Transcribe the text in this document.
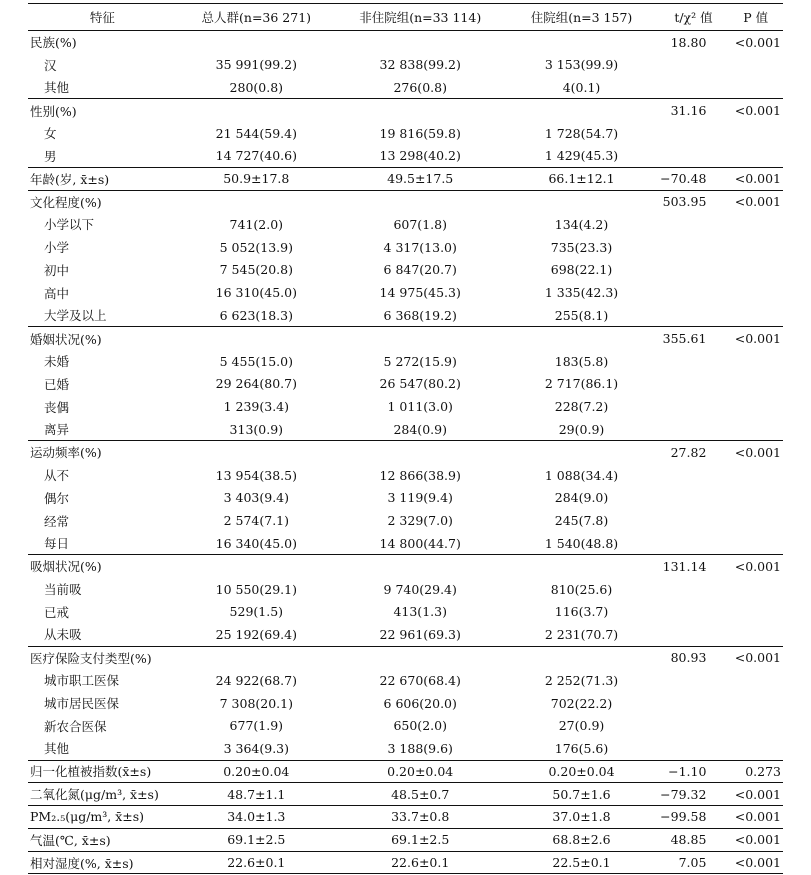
特征	总人群(n=36 271)	非住院组(n=33 114)	住院组(n=3 157)	t/χ² 值	P 值
民族(%)				18.80	<0.001
汉	35 991(99.2)	32 838(99.2)	3 153(99.9)		
其他	280(0.8)	276(0.8)	4(0.1)		
性别(%)				31.16	<0.001
女	21 544(59.4)	19 816(59.8)	1 728(54.7)		
男	14 727(40.6)	13 298(40.2)	1 429(45.3)		
年龄(岁, x̄±s)	50.9±17.8	49.5±17.5	66.1±12.1	−70.48	<0.001
文化程度(%)				503.95	<0.001
小学以下	741(2.0)	607(1.8)	134(4.2)		
小学	5 052(13.9)	4 317(13.0)	735(23.3)		
初中	7 545(20.8)	6 847(20.7)	698(22.1)		
高中	16 310(45.0)	14 975(45.3)	1 335(42.3)		
大学及以上	6 623(18.3)	6 368(19.2)	255(8.1)		
婚姻状况(%)				355.61	<0.001
未婚	5 455(15.0)	5 272(15.9)	183(5.8)		
已婚	29 264(80.7)	26 547(80.2)	2 717(86.1)		
丧偶	1 239(3.4)	1 011(3.0)	228(7.2)		
离异	313(0.9)	284(0.9)	29(0.9)		
运动频率(%)				27.82	<0.001
从不	13 954(38.5)	12 866(38.9)	1 088(34.4)		
偶尔	3 403(9.4)	3 119(9.4)	284(9.0)		
经常	2 574(7.1)	2 329(7.0)	245(7.8)		
每日	16 340(45.0)	14 800(44.7)	1 540(48.8)		
吸烟状况(%)				131.14	<0.001
当前吸	10 550(29.1)	9 740(29.4)	810(25.6)		
已戒	529(1.5)	413(1.3)	116(3.7)		
从未吸	25 192(69.4)	22 961(69.3)	2 231(70.7)		
医疗保险支付类型(%)				80.93	<0.001
城市职工医保	24 922(68.7)	22 670(68.4)	2 252(71.3)		
城市居民医保	7 308(20.1)	6 606(20.0)	702(22.2)		
新农合医保	677(1.9)	650(2.0)	27(0.9)		
其他	3 364(9.3)	3 188(9.6)	176(5.6)		
归一化植被指数(x̄±s)	0.20±0.04	0.20±0.04	0.20±0.04	−1.10	0.273
二氧化氮(μg/m³, x̄±s)	48.7±1.1	48.5±0.7	50.7±1.6	−79.32	<0.001
PM₂.₅(μg/m³, x̄±s)	34.0±1.3	33.7±0.8	37.0±1.8	−99.58	<0.001
气温(℃, x̄±s)	69.1±2.5	69.1±2.5	68.8±2.6	48.85	<0.001
相对湿度(%, x̄±s)	22.6±0.1	22.6±0.1	22.5±0.1	7.05	<0.001
